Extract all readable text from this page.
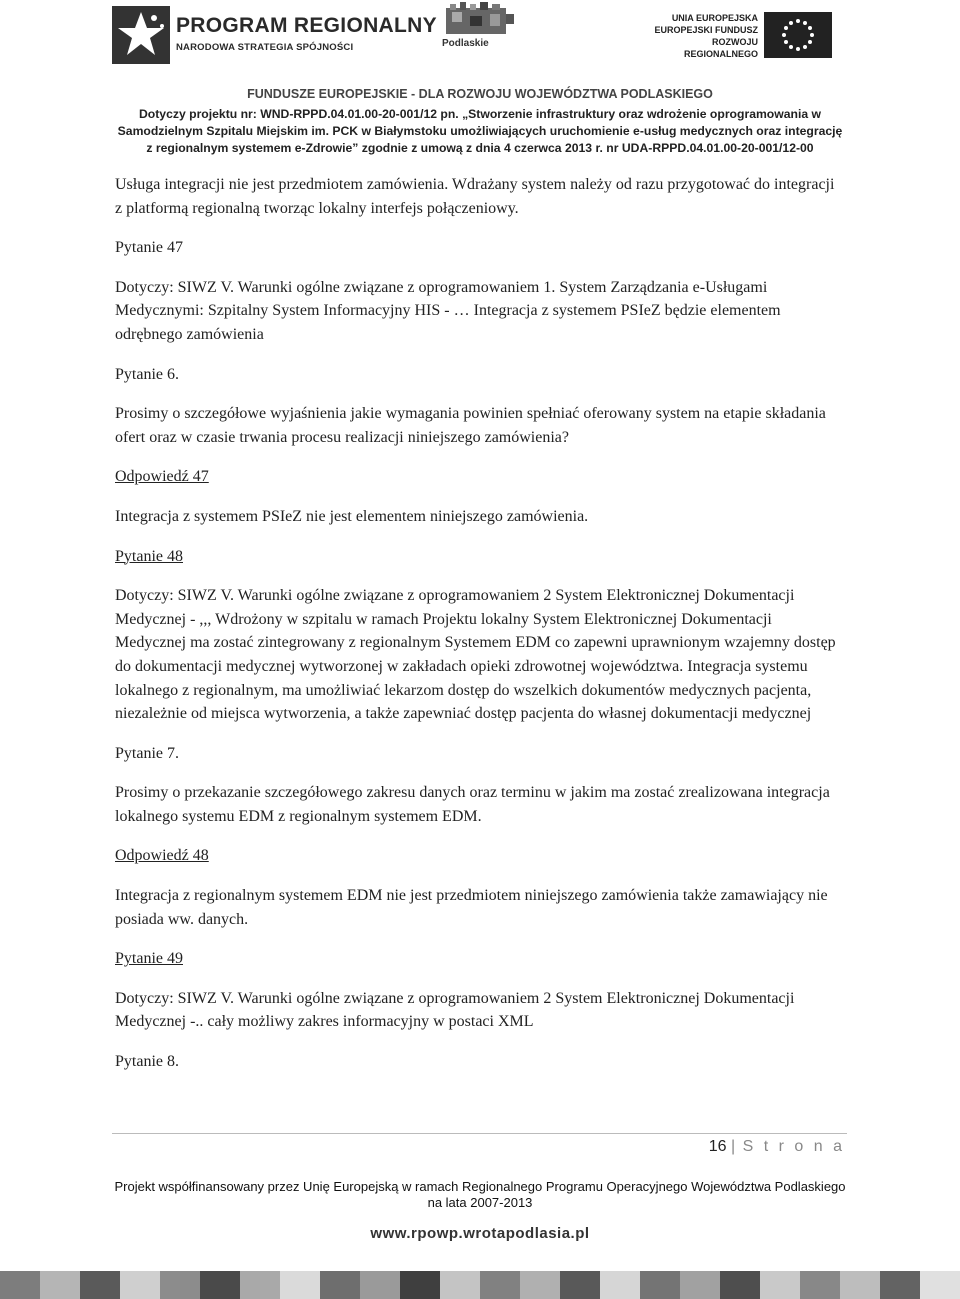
PROGRAM REGIONALNY
NARODOWA STRATEGIA SPÓJNOŚCI	Podlaskie
UNIA EUROPEJSKA
EUROPEJSKI FUNDUSZ
ROZWOJU REGIONALNEGO
FUNDUSZE EUROPEJSKIE - DLA ROZWOJU WOJEWÓDZTWA PODLASKIEGO
Dotyczy projektu nr: WND-RPPD.04.01.00-20-001/12 pn. „Stworzenie infrastruktury oraz wdrożenie oprogramowania w
Samodzielnym Szpitalu Miejskim im. PCK w Białymstoku umożliwiających uruchomienie e-usług medycznych oraz integrację
z regionalnym systemem e-Zdrowie” zgodnie z umową z dnia 4 czerwca 2013 r. nr UDA-RPPD.04.01.00-20-001/12-00

Usługa integracji nie jest przedmiotem zamówienia. Wdrażany system należy od razu przygotować do integracji z platformą regionalną tworząc lokalny interfejs połączeniowy.

Pytanie 47

Dotyczy: SIWZ V. Warunki ogólne związane z oprogramowaniem 1. System Zarządzania e-Usługami Medycznymi: Szpitalny System Informacyjny HIS - … Integracja z systemem PSIeZ będzie elementem odrębnego zamówienia

Pytanie 6.

Prosimy o szczegółowe wyjaśnienia jakie wymagania powinien spełniać oferowany system na etapie składania ofert oraz w czasie trwania procesu realizacji niniejszego zamówienia?

Odpowiedź 47

Integracja z systemem PSIeZ nie jest elementem niniejszego zamówienia.

Pytanie 48

Dotyczy: SIWZ V. Warunki ogólne związane z oprogramowaniem 2 System Elektronicznej Dokumentacji Medycznej - ,,, Wdrożony w szpitalu w ramach Projektu lokalny System Elektronicznej Dokumentacji Medycznej ma zostać zintegrowany z regionalnym Systemem EDM co zapewni uprawnionym wzajemny dostęp do dokumentacji medycznej wytworzonej w zakładach opieki zdrowotnej województwa. Integracja systemu lokalnego z regionalnym, ma umożliwiać lekarzom dostęp do wszelkich dokumentów medycznych pacjenta, niezależnie od miejsca wytworzenia, a także zapewniać dostęp pacjenta do własnej dokumentacji medycznej

Pytanie 7.

Prosimy o przekazanie szczegółowego zakresu danych oraz terminu w jakim ma zostać zrealizowana integracja lokalnego systemu EDM z regionalnym systemem EDM.

Odpowiedź 48

Integracja z regionalnym systemem EDM nie jest przedmiotem niniejszego zamówienia także zamawiający nie posiada ww. danych.

Pytanie 49

Dotyczy: SIWZ V. Warunki ogólne związane z oprogramowaniem 2 System Elektronicznej Dokumentacji Medycznej -.. cały możliwy zakres informacyjny w postaci XML

Pytanie 8.

16 | S t r o n a
Projekt współfinansowany przez Unię Europejską w ramach Regionalnego Programu Operacyjnego Województwa Podlaskiego
na lata 2007-2013
www.rpowp.wrotapodlasia.pl
